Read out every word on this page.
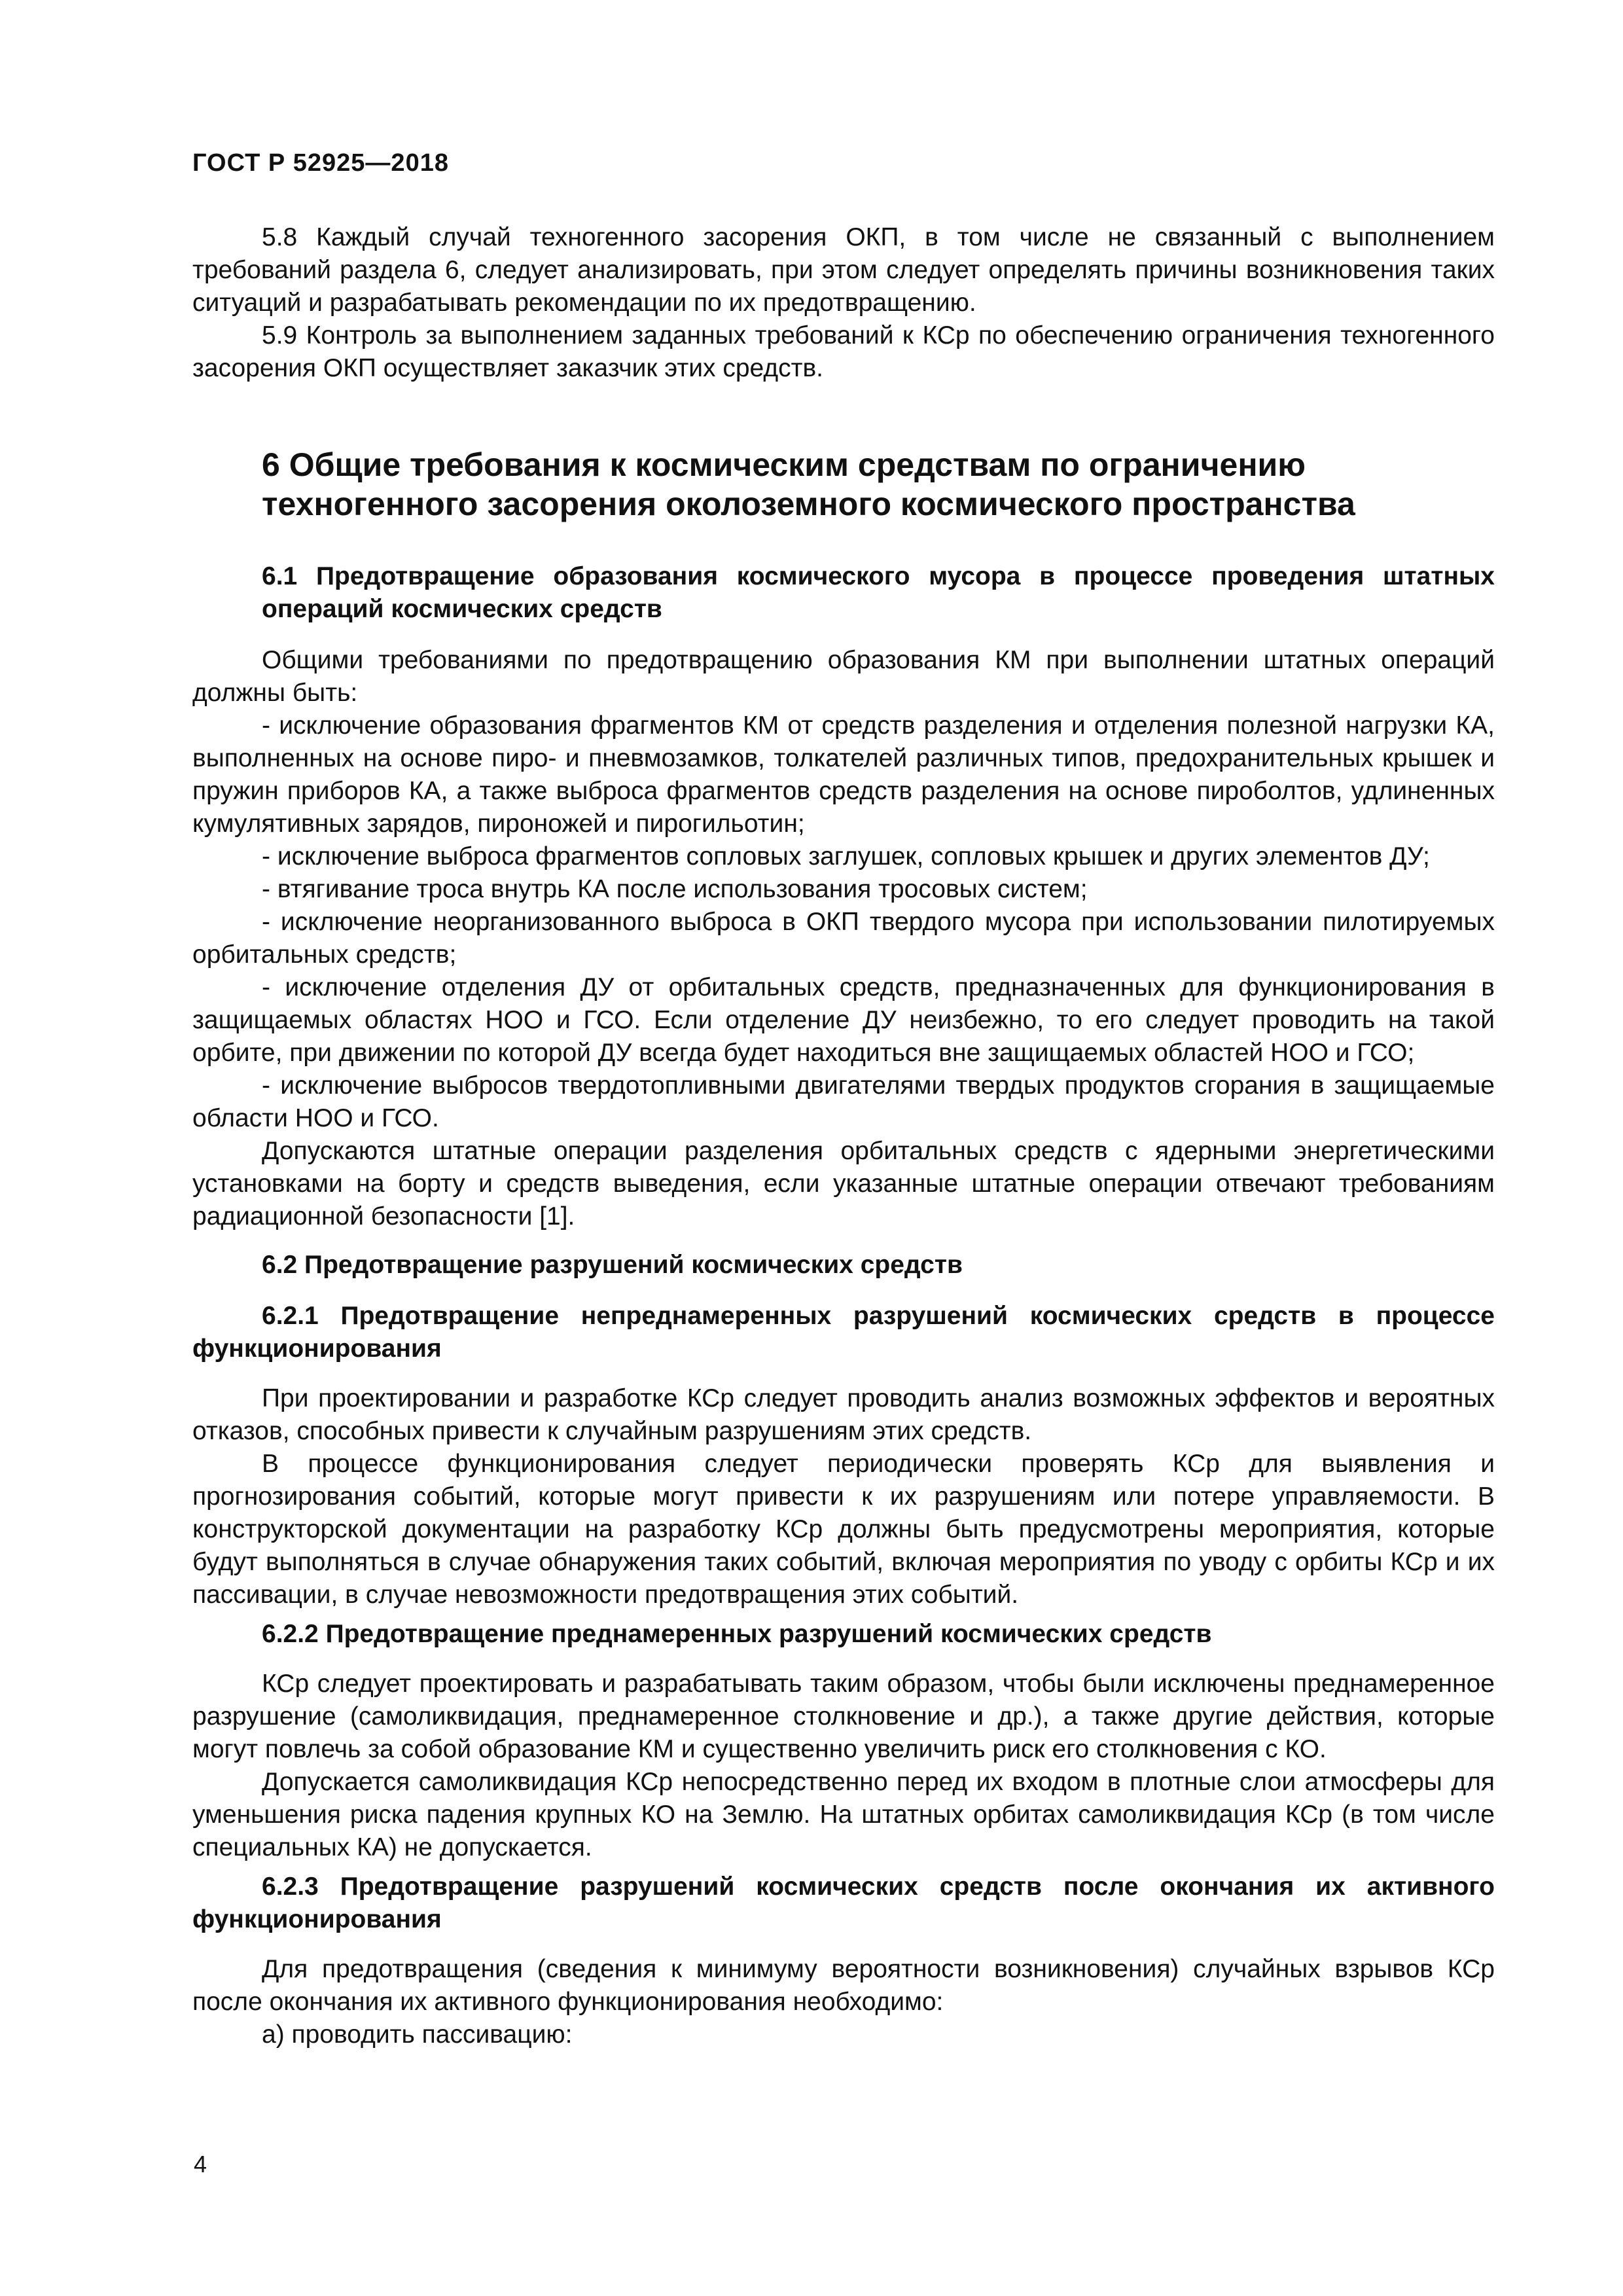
ГОСТ Р 52925—2018

5.8 Каждый случай техногенного засорения ОКП, в том числе не связанный с выполнением требований раздела 6, следует анализировать, при этом следует определять причины возникновения таких ситуаций и разрабатывать рекомендации по их предотвращению.

5.9 Контроль за выполнением заданных требований к КСр по обеспечению ограничения техногенного засорения ОКП осуществляет заказчик этих средств.

6 Общие требования к космическим средствам по ограничению техногенного засорения околоземного космического пространства
6.1 Предотвращение образования космического мусора в процессе проведения штатных операций космических средств

Общими требованиями по предотвращению образования КМ при выполнении штатных операций должны быть:

- исключение образования фрагментов КМ от средств разделения и отделения полезной нагрузки КА, выполненных на основе пиро- и пневмозамков, толкателей различных типов, предохранительных крышек и пружин приборов КА, а также выброса фрагментов средств разделения на основе пироболтов, удлиненных кумулятивных зарядов, пироножей и пирогильотин;

- исключение выброса фрагментов сопловых заглушек, сопловых крышек и других элементов ДУ;

- втягивание троса внутрь КА после использования тросовых систем;

- исключение неорганизованного выброса в ОКП твердого мусора при использовании пилотируемых орбитальных средств;

- исключение отделения ДУ от орбитальных средств, предназначенных для функционирования в защищаемых областях НОО и ГСО. Если отделение ДУ неизбежно, то его следует проводить на такой орбите, при движении по которой ДУ всегда будет находиться вне защищаемых областей НОО и ГСО;

- исключение выбросов твердотопливными двигателями твердых продуктов сгорания в защищаемые области НОО и ГСО.

Допускаются штатные операции разделения орбитальных средств с ядерными энергетическими установками на борту и средств выведения, если указанные штатные операции отвечают требованиям радиационной безопасности [1].

6.2 Предотвращение разрушений космических средств
6.2.1 Предотвращение непреднамеренных разрушений космических средств в процессе функционирования

При проектировании и разработке КСр следует проводить анализ возможных эффектов и вероятных отказов, способных привести к случайным разрушениям этих средств.

В процессе функционирования следует периодически проверять КСр для выявления и прогнозирования событий, которые могут привести к их разрушениям или потере управляемости. В конструкторской документации на разработку КСр должны быть предусмотрены мероприятия, которые будут выполняться в случае обнаружения таких событий, включая мероприятия по уводу с орбиты КСр и их пассивации, в случае невозможности предотвращения этих событий.

6.2.2 Предотвращение преднамеренных разрушений космических средств

КСр следует проектировать и разрабатывать таким образом, чтобы были исключены преднамеренное разрушение (самоликвидация, преднамеренное столкновение и др.), а также другие действия, которые могут повлечь за собой образование КМ и существенно увеличить риск его столкновения с КО.

Допускается самоликвидация КСр непосредственно перед их входом в плотные слои атмосферы для уменьшения риска падения крупных КО на Землю. На штатных орбитах самоликвидация КСр (в том числе специальных КА) не допускается.

6.2.3 Предотвращение разрушений космических средств после окончания их активного функционирования

Для предотвращения (сведения к минимуму вероятности возникновения) случайных взрывов КСр после окончания их активного функционирования необходимо:

а) проводить пассивацию:

4
